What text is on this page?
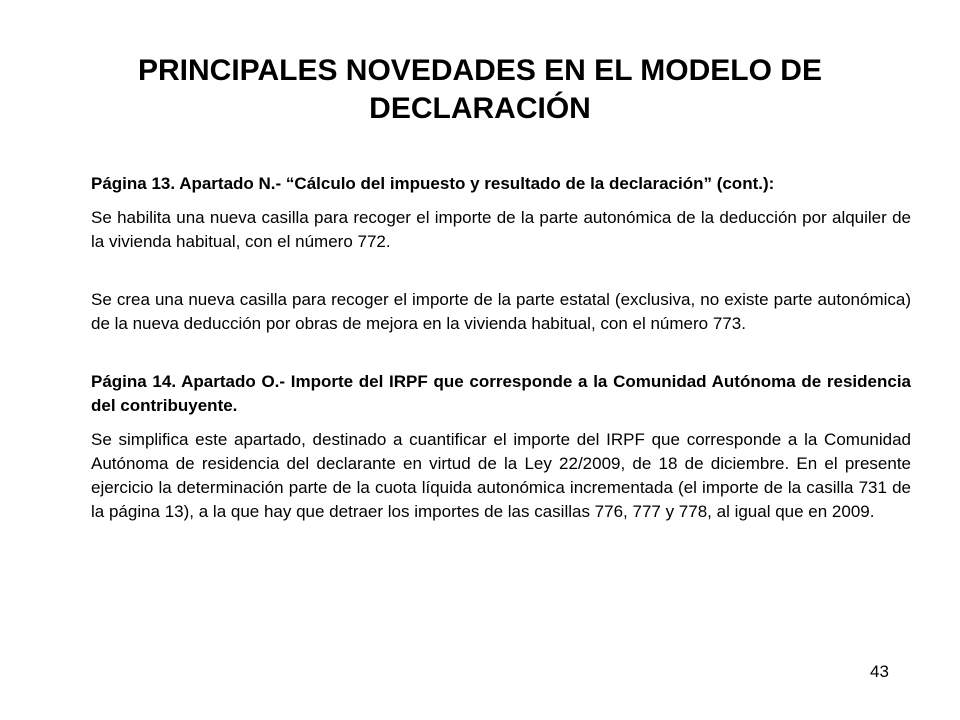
PRINCIPALES NOVEDADES EN EL MODELO DE DECLARACIÓN

Página 13. Apartado N.- “Cálculo del impuesto y resultado de la declaración” (cont.):

Se habilita una nueva casilla para recoger el importe de la parte autonómica de la deducción por alquiler de la vivienda habitual, con el número 772.

Se crea una nueva casilla para recoger el importe de la parte estatal (exclusiva, no existe parte autonómica) de la nueva deducción por obras de mejora en la vivienda habitual, con el número 773.

Página 14. Apartado O.- Importe del IRPF que corresponde a la Comunidad Autónoma de residencia del contribuyente.

Se simplifica este apartado, destinado a cuantificar el importe del IRPF que corresponde a la Comunidad Autónoma de residencia del declarante en virtud de la Ley 22/2009, de 18 de diciembre. En el presente ejercicio la determinación parte de la cuota líquida autonómica incrementada (el importe de la casilla 731 de la página 13), a la que hay que detraer los importes de las casillas 776, 777 y 778, al igual que en 2009.

43
